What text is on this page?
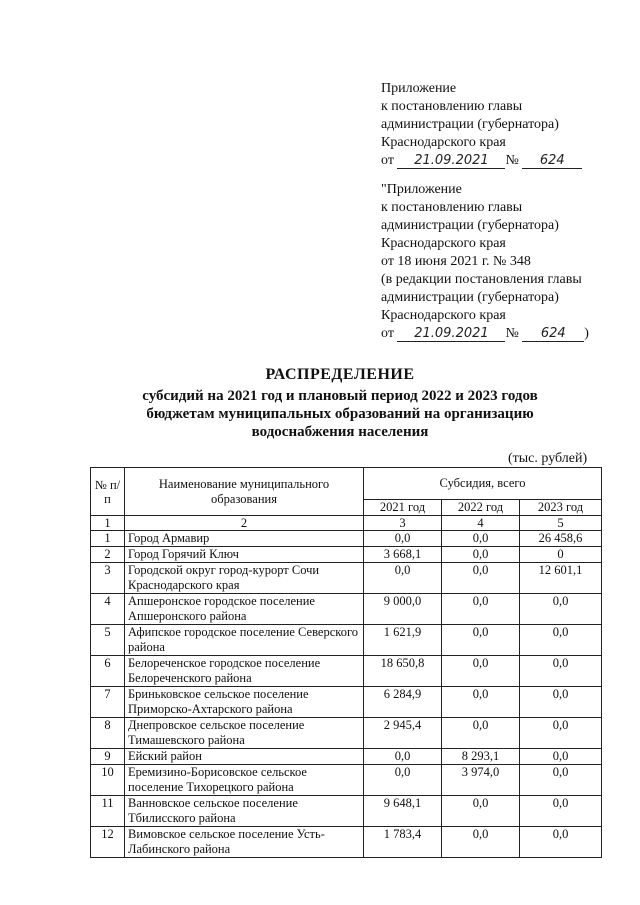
Приложение
к постановлению главы
администрации (губернатора)
Краснодарского края
от 21.09.2021 № 624
"Приложение
к постановлению главы
администрации (губернатора)
Краснодарского края
от 18 июня 2021 г. № 348
(в редакции постановления главы
администрации (губернатора)
Краснодарского края
от 21.09.2021 № 624 )
РАСПРЕДЕЛЕНИЕ
субсидий на 2021 год и плановый период 2022 и 2023 годов
бюджетам муниципальных образований на организацию
водоснабжения населения
(тыс. рублей)
№ п/п	Наименование муниципального образования	Субсидия, всего		
		2021 год	2022 год	2023 год
1	2	3	4	5
1	Город Армавир	0,0	0,0	26 458,6
2	Город Горячий Ключ	3 668,1	0,0	0
3	Городской округ город-курорт Сочи Краснодарского края	0,0	0,0	12 601,1
4	Апшеронское городское поселение Апшеронского района	9 000,0	0,0	0,0
5	Афипское городское поселение Северского района	1 621,9	0,0	0,0
6	Белореченское городское поселение Белореченского района	18 650,8	0,0	0,0
7	Бриньковское сельское поселение Приморско-Ахтарского района	6 284,9	0,0	0,0
8	Днепровское сельское поселение Тимашевского района	2 945,4	0,0	0,0
9	Ейский район	0,0	8 293,1	0,0
10	Еремизино-Борисовское сельское поселение Тихорецкого района	0,0	3 974,0	0,0
11	Ванновское сельское поселение Тбилисского района	9 648,1	0,0	0,0
12	Вимовское сельское поселение Усть-Лабинского района	1 783,4	0,0	0,0
